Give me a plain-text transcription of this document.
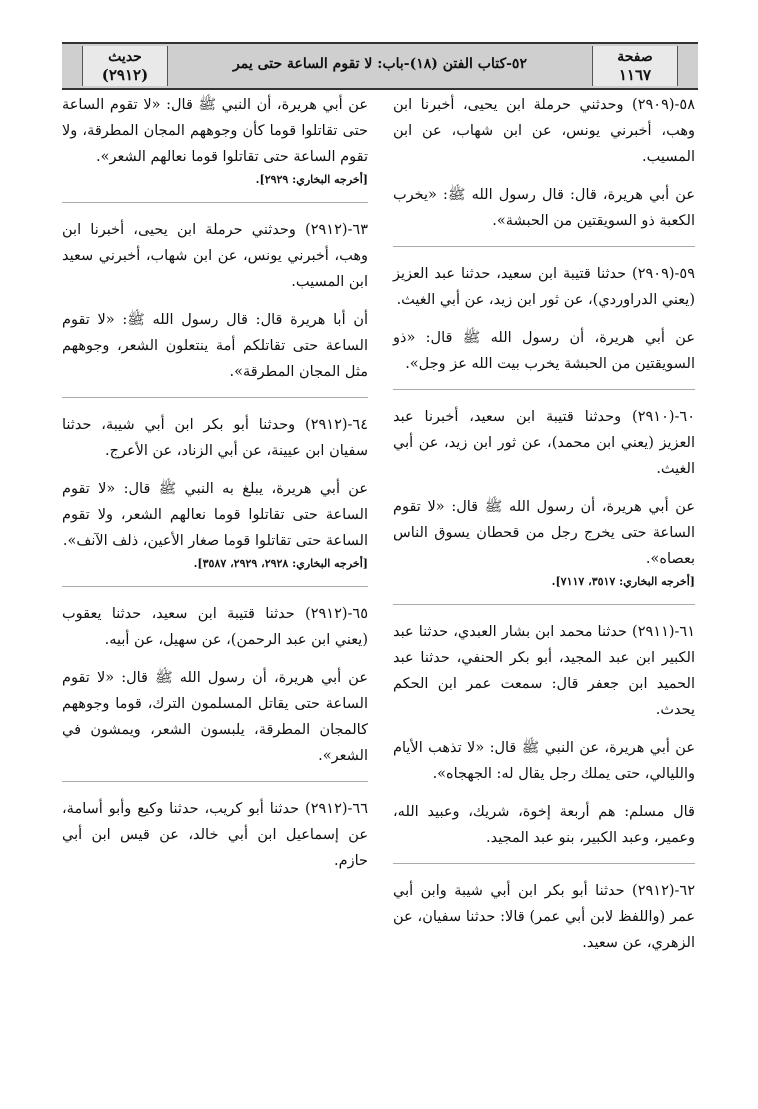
صفحة
١١٦٧
٥٢-كتاب الفتن (١٨)-باب: لا تقوم الساعة حتى يمر
حديث
(٢٩١٢)

٥٨-(٢٩٠٩) وحدثني حرملة ابن يحيى، أخبرنا ابن وهب، أخبرني يونس، عن ابن شهاب، عن ابن المسيب.

عن أبي هريرة، قال: قال رسول الله ﷺ: «يخرب الكعبة ذو السويقتين من الحبشة».

٥٩-(٢٩٠٩) حدثنا قتيبة ابن سعيد، حدثنا عبد العزيز (يعني الدراوردي)، عن ثور ابن زيد، عن أبي الغيث.

عن أبي هريرة، أن رسول الله ﷺ قال: «ذو السويقتين من الحبشة يخرب بيت الله عز وجل».

٦٠-(٢٩١٠) وحدثنا قتيبة ابن سعيد، أخبرنا عبد العزيز (يعني ابن محمد)، عن ثور ابن زيد، عن أبي الغيث.

عن أبي هريرة، أن رسول الله ﷺ قال: «لا تقوم الساعة حتى يخرج رجل من قحطان يسوق الناس بعصاه».

[أخرجه البخاري: ٣٥١٧، ٧١١٧].

٦١-(٢٩١١) حدثنا محمد ابن بشار العبدي، حدثنا عبد الكبير ابن عبد المجيد، أبو بكر الحنفي، حدثنا عبد الحميد ابن جعفر قال: سمعت عمر ابن الحكم يحدث.

عن أبي هريرة، عن النبي ﷺ قال: «لا تذهب الأيام والليالي، حتى يملك رجل يقال له: الجهجاه».

قال مسلم: هم أربعة إخوة، شريك، وعبيد الله، وعمير، وعبد الكبير، بنو عبد المجيد.

٦٢-(٢٩١٢) حدثنا أبو بكر ابن أبي شيبة وابن أبي عمر (واللفظ لابن أبي عمر) قالا: حدثنا سفيان، عن الزهري، عن سعيد.

عن أبي هريرة، أن النبي ﷺ قال: «لا تقوم الساعة حتى تقاتلوا قوما كأن وجوههم المجان المطرقة، ولا تقوم الساعة حتى تقاتلوا قوما نعالهم الشعر».

[أخرجه البخاري: ٢٩٢٩].

٦٣-(٢٩١٢) وحدثني حرملة ابن يحيى، أخبرنا ابن وهب، أخبرني يونس، عن ابن شهاب، أخبرني سعيد ابن المسيب.

أن أبا هريرة قال: قال رسول الله ﷺ: «لا تقوم الساعة حتى تقاتلكم أمة ينتعلون الشعر، وجوههم مثل المجان المطرقة».

٦٤-(٢٩١٢) وحدثنا أبو بكر ابن أبي شيبة، حدثنا سفيان ابن عيينة، عن أبي الزناد، عن الأعرج.

عن أبي هريرة، يبلغ به النبي ﷺ قال: «لا تقوم الساعة حتى تقاتلوا قوما نعالهم الشعر، ولا تقوم الساعة حتى تقاتلوا قوما صغار الأعين، ذلف الآنف».

[أخرجه البخاري: ٢٩٢٨، ٢٩٢٩، ٣٥٨٧].

٦٥-(٢٩١٢) حدثنا قتيبة ابن سعيد، حدثنا يعقوب (يعني ابن عبد الرحمن)، عن سهيل، عن أبيه.

عن أبي هريرة، أن رسول الله ﷺ قال: «لا تقوم الساعة حتى يقاتل المسلمون الترك، قوما وجوههم كالمجان المطرقة، يلبسون الشعر، ويمشون في الشعر».

٦٦-(٢٩١٢) حدثنا أبو كريب، حدثنا وكيع وأبو أسامة، عن إسماعيل ابن أبي خالد، عن قيس ابن أبي حازم.
